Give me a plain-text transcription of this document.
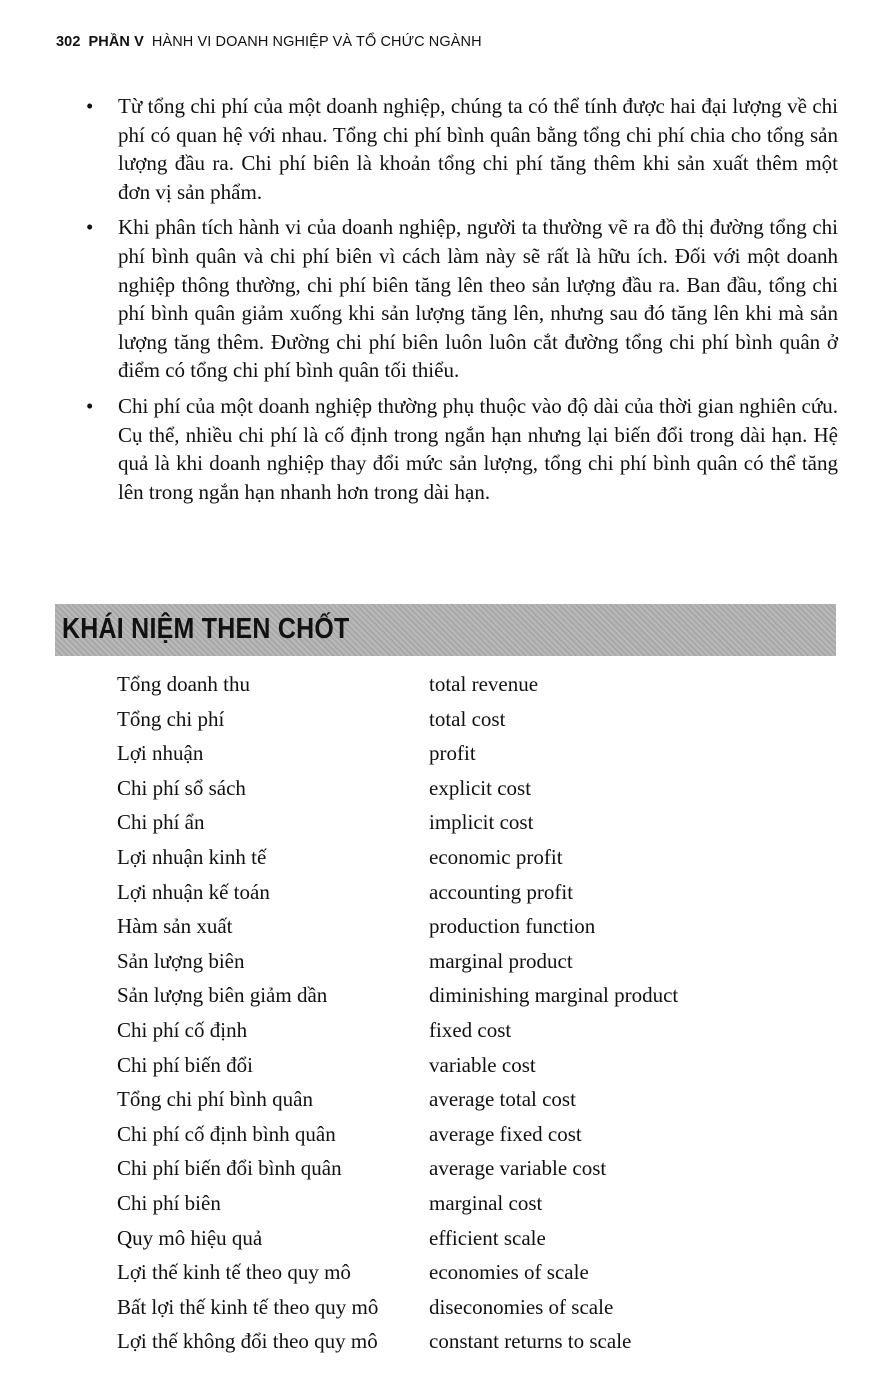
302 PHẦN V HÀNH VI DOANH NGHIỆP VÀ TỔ CHỨC NGÀNH
• Từ tổng chi phí của một doanh nghiệp, chúng ta có thể tính được hai đại lượng về chi phí có quan hệ với nhau. Tổng chi phí bình quân bằng tổng chi phí chia cho tổng sản lượng đầu ra. Chi phí biên là khoản tổng chi phí tăng thêm khi sản xuất thêm một đơn vị sản phẩm.
• Khi phân tích hành vi của doanh nghiệp, người ta thường vẽ ra đồ thị đường tổng chi phí bình quân và chi phí biên vì cách làm này sẽ rất là hữu ích. Đối với một doanh nghiệp thông thường, chi phí biên tăng lên theo sản lượng đầu ra. Ban đầu, tổng chi phí bình quân giảm xuống khi sản lượng tăng lên, nhưng sau đó tăng lên khi mà sản lượng tăng thêm. Đường chi phí biên luôn luôn cắt đường tổng chi phí bình quân ở điểm có tổng chi phí bình quân tối thiểu.
• Chi phí của một doanh nghiệp thường phụ thuộc vào độ dài của thời gian nghiên cứu. Cụ thể, nhiều chi phí là cố định trong ngắn hạn nhưng lại biến đổi trong dài hạn. Hệ quả là khi doanh nghiệp thay đổi mức sản lượng, tổng chi phí bình quân có thể tăng lên trong ngắn hạn nhanh hơn trong dài hạn.
KHÁI NIỆM THEN CHỐT
Tổng doanh thu	total revenue
Tổng chi phí	total cost
Lợi nhuận	profit
Chi phí sổ sách	explicit cost
Chi phí ẩn	implicit cost
Lợi nhuận kinh tế	economic profit
Lợi nhuận kế toán	accounting profit
Hàm sản xuất	production function
Sản lượng biên	marginal product
Sản lượng biên giảm dần	diminishing marginal product
Chi phí cố định	fixed cost
Chi phí biến đổi	variable cost
Tổng chi phí bình quân	average total cost
Chi phí cố định bình quân	average fixed cost
Chi phí biến đổi bình quân	average variable cost
Chi phí biên	marginal cost
Quy mô hiệu quả	efficient scale
Lợi thế kinh tế theo quy mô	economies of scale
Bất lợi thế kinh tế theo quy mô diseconomies of scale
Lợi thế không đổi theo quy mô constant returns to scale
